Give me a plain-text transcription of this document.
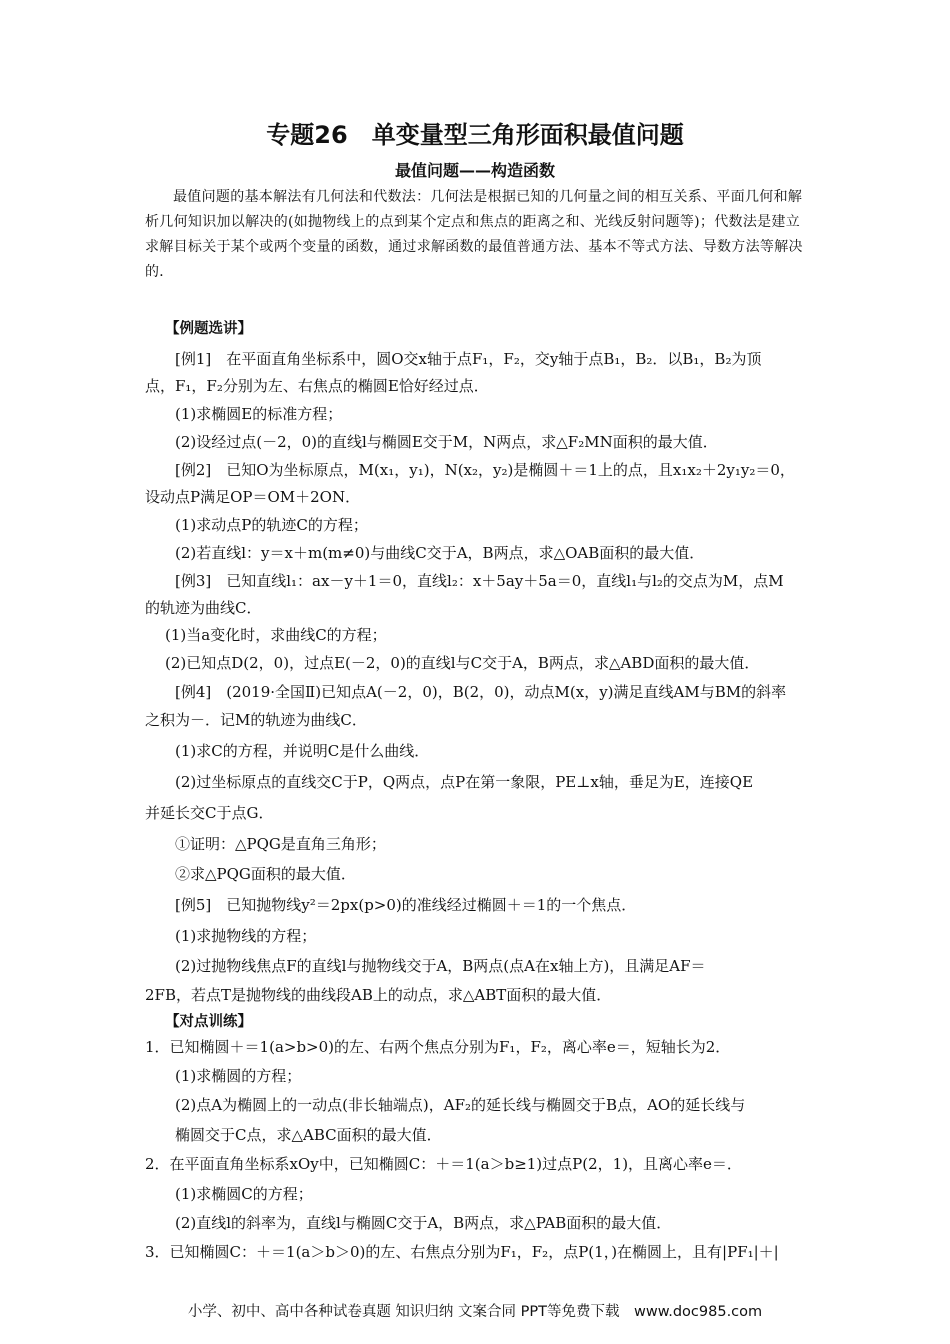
专题26　单变量型三角形面积最值问题
最值问题——构造函数
最值问题的基本解法有几何法和代数法：几何法是根据已知的几何量之间的相互关系、平面几何和解析几何知识加以解决的(如抛物线上的点到某个定点和焦点的距离之和、光线反射问题等)；代数法是建立求解目标关于某个或两个变量的函数，通过求解函数的最值普通方法、基本不等式方法、导数方法等解决的．
【例题选讲】
[例1]　在平面直角坐标系中，圆O交x轴于点F₁，F₂，交y轴于点B₁，B₂．以B₁，B₂为顶
点，F₁，F₂分别为左、右焦点的椭圆E恰好经过点．
(1)求椭圆E的标准方程；
(2)设经过点(－2，0)的直线l与椭圆E交于M，N两点，求△F₂MN面积的最大值．
[例2]　已知O为坐标原点，M(x₁，y₁)，N(x₂，y₂)是椭圆＋＝1上的点，且x₁x₂＋2y₁y₂＝0，
设动点P满足OP＝OM＋2ON．
(1)求动点P的轨迹C的方程；
(2)若直线l：y＝x＋m(m≠0)与曲线C交于A，B两点，求△OAB面积的最大值．
[例3]　已知直线l₁：ax－y＋1＝0，直线l₂：x＋5ay＋5a＝0，直线l₁与l₂的交点为M，点M
的轨迹为曲线C．
(1)当a变化时，求曲线C的方程；
(2)已知点D(2，0)，过点E(－2，0)的直线l与C交于A，B两点，求△ABD面积的最大值．
[例4]　(2019·全国Ⅱ)已知点A(－2，0)，B(2，0)，动点M(x，y)满足直线AM与BM的斜率
之积为－．记M的轨迹为曲线C．
(1)求C的方程，并说明C是什么曲线．
(2)过坐标原点的直线交C于P，Q两点，点P在第一象限，PE⊥x轴，垂足为E，连接QE
并延长交C于点G．
①证明：△PQG是直角三角形；
②求△PQG面积的最大值．
[例5]　已知抛物线y²＝2px(p>0)的准线经过椭圆＋＝1的一个焦点．
(1)求抛物线的方程；
(2)过抛物线焦点F的直线l与抛物线交于A，B两点(点A在x轴上方)，且满足AF＝
2FB，若点T是抛物线的曲线段AB上的动点，求△ABT面积的最大值．
【对点训练】
1．已知椭圆＋＝1(a>b>0)的左、右两个焦点分别为F₁，F₂，离心率e＝，短轴长为2．
(1)求椭圆的方程；
(2)点A为椭圆上的一动点(非长轴端点)，AF₂的延长线与椭圆交于B点，AO的延长线与
椭圆交于C点，求△ABC面积的最大值．
2．在平面直角坐标系xOy中，已知椭圆C：＋＝1(a＞b≥1)过点P(2，1)，且离心率e＝．
(1)求椭圆C的方程；
(2)直线l的斜率为，直线l与椭圆C交于A，B两点，求△PAB面积的最大值．
3．已知椭圆C：＋＝1(a＞b＞0)的左、右焦点分别为F₁，F₂，点P(1，)在椭圆上，且有|PF₁|＋|
小学、初中、高中各种试卷真题 知识归纳 文案合同 PPT等免费下载　www.doc985.com
